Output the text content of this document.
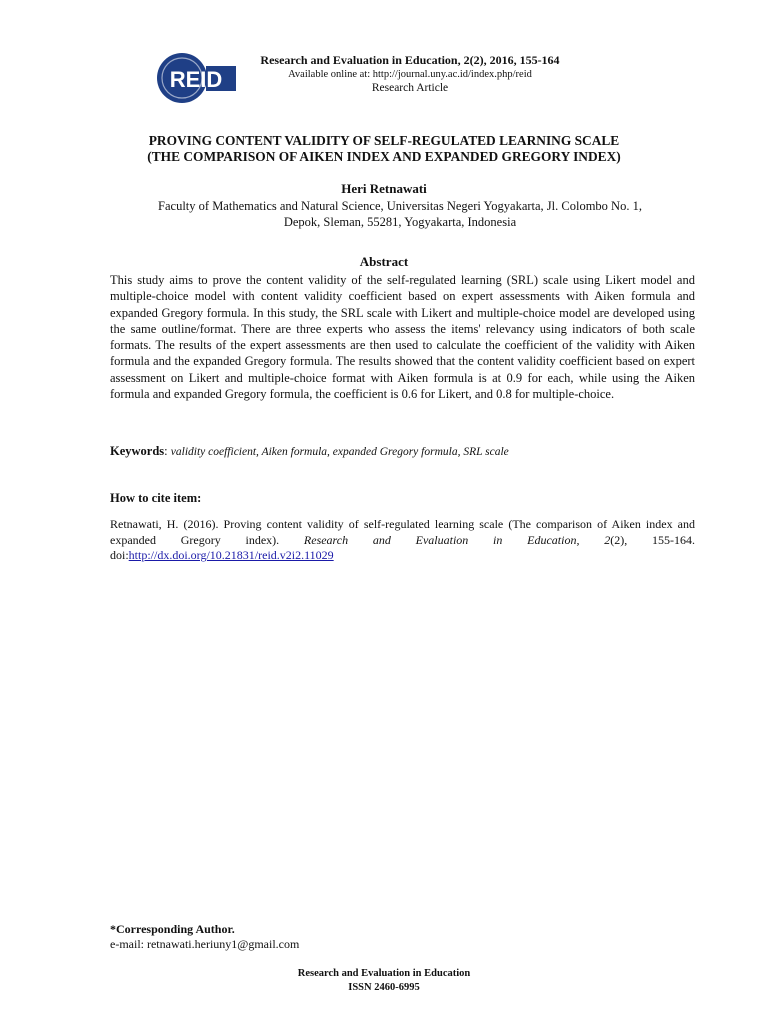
REID
Research and Evaluation in Education, 2(2), 2016, 155-164
Available online at: http://journal.uny.ac.id/index.php/reid
Research Article
PROVING CONTENT VALIDITY OF SELF-REGULATED LEARNING SCALE
(THE COMPARISON OF AIKEN INDEX AND EXPANDED GREGORY INDEX)
Heri Retnawati
Faculty of Mathematics and Natural Science, Universitas Negeri Yogyakarta, Jl. Colombo No. 1,
Depok, Sleman, 55281, Yogyakarta, Indonesia
Abstract
This study aims to prove the content validity of the self-regulated learning (SRL) scale using Likert model and multiple-choice model with content validity coefficient based on expert assessments with Aiken formula and expanded Gregory formula. In this study, the SRL scale with Likert and multiple-choice model are developed using the same outline/format. There are three experts who assess the items' relevancy using indicators of both scale formats. The results of the expert assessments are then used to calculate the coefficient of the validity with Aiken formula and the expanded Gregory formula. The results showed that the content validity coefficient based on expert assessment on Likert and multiple-choice format with Aiken formula is at 0.9 for each, while using the Aiken formula and expanded Gregory formula, the coefficient is 0.6 for Likert, and 0.8 for multiple-choice.
Keywords: validity coefficient, Aiken formula, expanded Gregory formula, SRL scale
How to cite item:
Retnawati, H. (2016). Proving content validity of self-regulated learning scale (The comparison of Aiken index and expanded Gregory index). Research and Evaluation in Education, 2(2), 155-164. doi:http://dx.doi.org/10.21831/reid.v2i2.11029
*Corresponding Author.
e-mail: retnawati.heriuny1@gmail.com
Research and Evaluation in Education
ISSN 2460-6995
